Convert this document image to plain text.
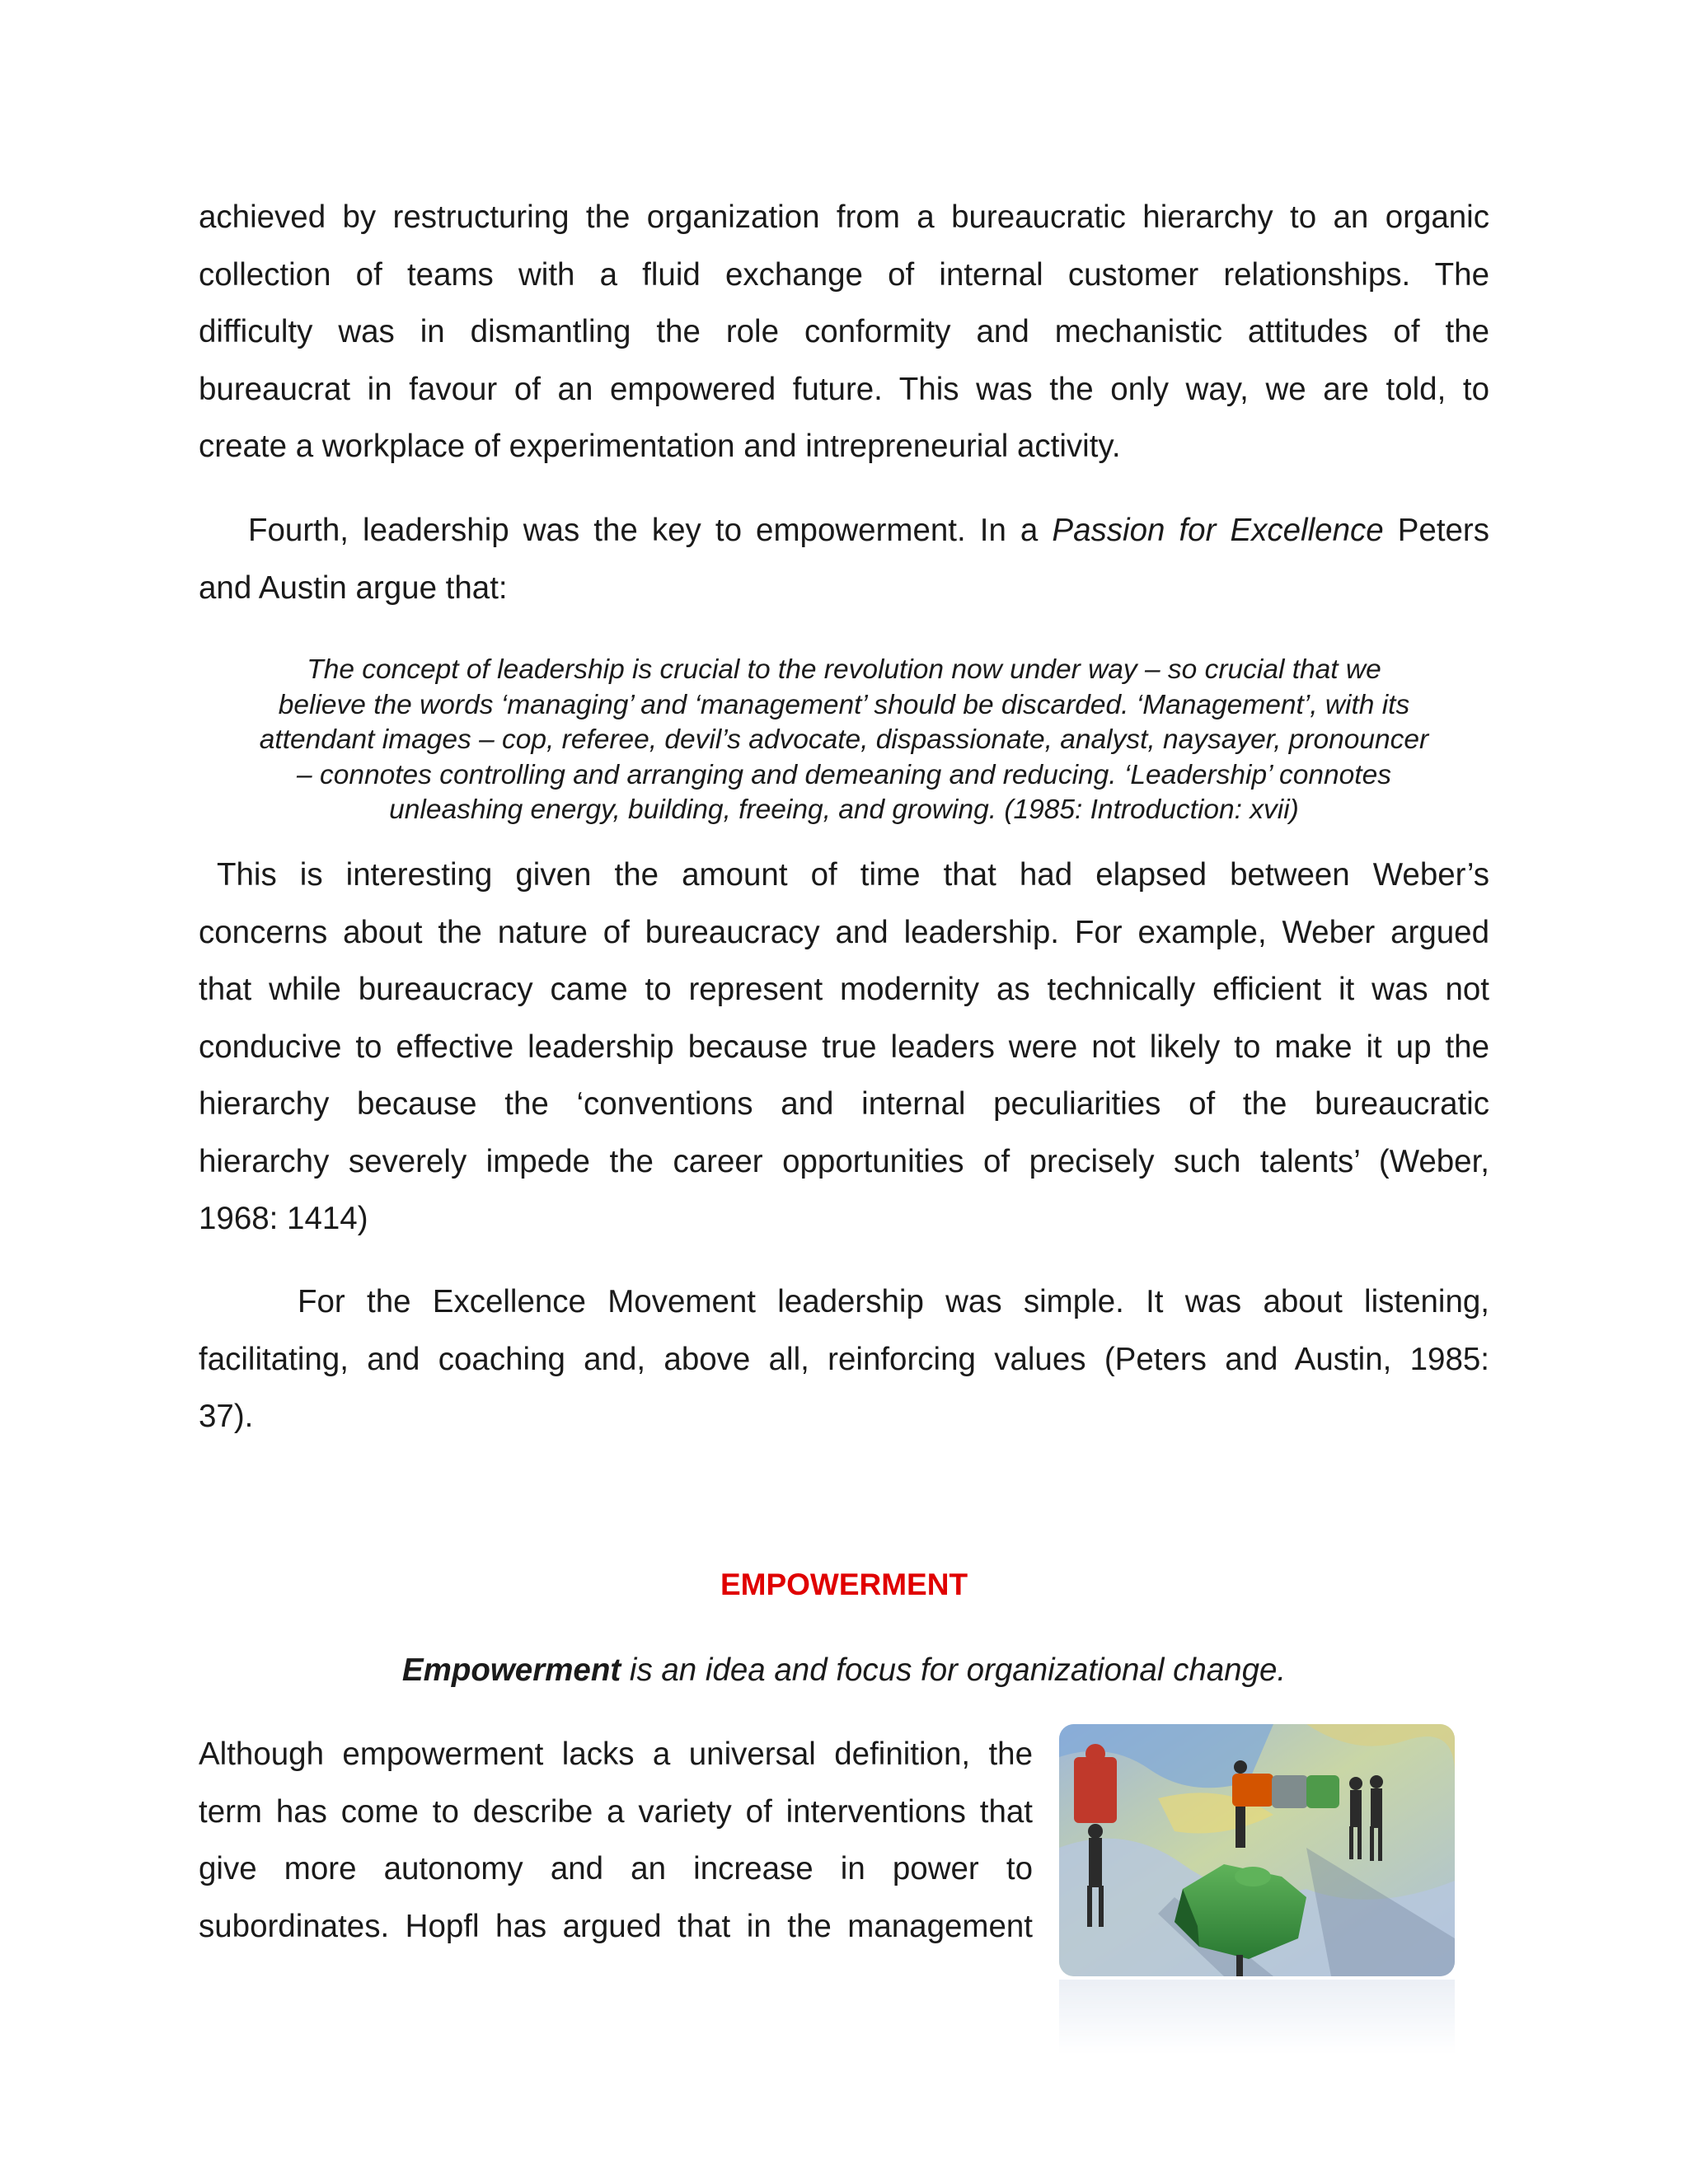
achieved by restructuring the organization from a bureaucratic hierarchy to an organic
collection of teams with a fluid exchange of internal customer relationships. The
difficulty was in dismantling the role conformity and mechanistic attitudes of the
bureaucrat in favour of an empowered future. This was the only way, we are told, to
create a workplace of experimentation and intrepreneurial activity.

Fourth, leadership was the key to empowerment. In a Passion for Excellence Peters
and Austin argue that:

The concept of leadership is crucial to the revolution now under way – so crucial that we
believe the words ‘managing’ and ‘management’ should be discarded. ‘Management’, with its
attendant images – cop, referee, devil’s advocate, dispassionate, analyst, naysayer, pronouncer
– connotes controlling and arranging and demeaning and reducing. ‘Leadership’ connotes
unleashing energy, building, freeing, and growing. (1985: Introduction: xvii)

This is interesting given the amount of time that had elapsed between Weber’s
concerns about the nature of bureaucracy and leadership. For example, Weber argued
that while bureaucracy came to represent modernity as technically efficient it was not
conducive to effective leadership because true leaders were not likely to make it up the
hierarchy because the ‘conventions and internal peculiarities of the bureaucratic
hierarchy severely impede the career opportunities of precisely such talents’ (Weber,
1968: 1414)

For the Excellence Movement leadership was simple. It was about listening,
facilitating, and coaching and, above all, reinforcing values (Peters and Austin, 1985:
37).

EMPOWERMENT

Empowerment is an idea and focus for organizational change.

Although empowerment lacks a universal definition, the
term has come to describe a variety of interventions that
give more autonomy and an increase in power to
subordinates. Hopfl has argued that in the management
